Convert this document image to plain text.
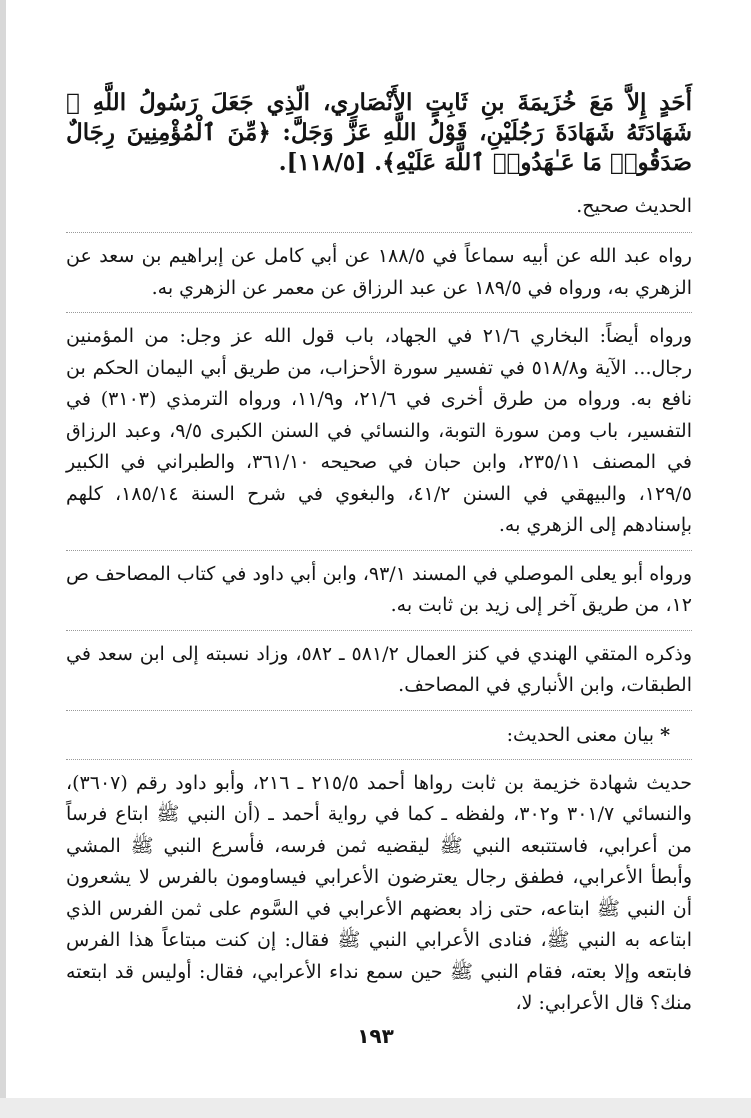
أَحَدٍ إِلاَّ مَعَ خُزَيمَةَ بنِ ثَابِتٍ الأَنْصَارِي، الّذِي جَعَلَ رَسُولُ اللَّهِ ﷺ شَهَادَتَهُ شَهَادَةَ رَجُلَيْنِ، قَوْلُ اللَّهِ عَزَّ وَجَلَّ: ﴿مِّنَ ٱلْمُؤْمِنِينَ رِجَالٌ صَدَقُوا۟ مَا عَـٰهَدُوا۟ ٱللَّهَ عَلَيْهِ﴾. [١١٨/٥].

الحديث صحيح.

رواه عبد الله عن أبيه سماعاً في ١٨٨/٥ عن أبي كامل عن إبراهيم بن سعد عن الزهري به، ورواه في ١٨٩/٥ عن عبد الرزاق عن معمر عن الزهري به.

ورواه أيضاً: البخاري ٢١/٦ في الجهاد، باب قول الله عز وجل: من المؤمنين رجال... الآية و٥١٨/٨ في تفسير سورة الأحزاب، من طريق أبي اليمان الحكم بن نافع به. ورواه من طرق أخرى في ٢١/٦، و١١/٩، ورواه الترمذي (٣١٠٣) في التفسير، باب ومن سورة التوبة، والنسائي في السنن الكبرى ٩/٥، وعبد الرزاق في المصنف ٢٣٥/١١، وابن حبان في صحيحه ٣٦١/١٠، والطبراني في الكبير ١٢٩/٥، والبيهقي في السنن ٤١/٢، والبغوي في شرح السنة ١٨٥/١٤، كلهم بإسنادهم إلى الزهري به.

ورواه أبو يعلى الموصلي في المسند ٩٣/١، وابن أبي داود في كتاب المصاحف ص ١٢، من طريق آخر إلى زيد بن ثابت به.

وذكره المتقي الهندي في كنز العمال ٥٨١/٢ ـ ٥٨٢، وزاد نسبته إلى ابن سعد في الطبقات، وابن الأنباري في المصاحف.

* بيان معنى الحديث:

حديث شهادة خزيمة بن ثابت رواها أحمد ٢١٥/٥ ـ ٢١٦، وأبو داود رقم (٣٦٠٧)، والنسائي ٣٠١/٧ و٣٠٢، ولفظه ـ كما في رواية أحمد ـ (أن النبي ﷺ ابتاع فرساً من أعرابي، فاستتبعه النبي ﷺ ليقضيه ثمن فرسه، فأسرع النبي ﷺ المشي وأبطأ الأعرابي، فطفق رجال يعترضون الأعرابي فيساومون بالفرس لا يشعرون أن النبي ﷺ ابتاعه، حتى زاد بعضهم الأعرابي في السَّوم على ثمن الفرس الذي ابتاعه به النبي ﷺ، فنادى الأعرابي النبي ﷺ فقال: إن كنت مبتاعاً هذا الفرس فابتعه وإلا بعته، فقام النبي ﷺ حين سمع نداء الأعرابي، فقال: أوليس قد ابتعته منك؟ قال الأعرابي: لا،

١٩٣
